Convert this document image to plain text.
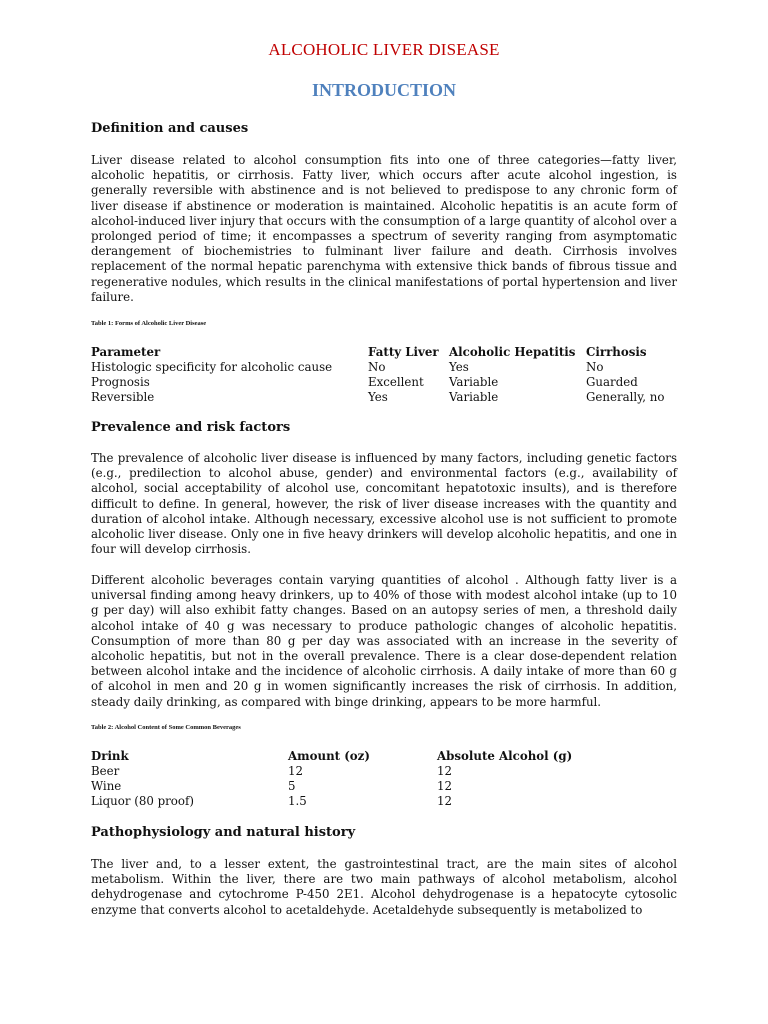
ALCOHOLIC LIVER DISEASE
INTRODUCTION
Definition and causes

Liver disease related to alcohol consumption fits into one of three categories—fatty liver, alcoholic hepatitis, or cirrhosis. Fatty liver, which occurs after acute alcohol ingestion, is generally reversible with abstinence and is not believed to predispose to any chronic form of liver disease if abstinence or moderation is maintained. Alcoholic hepatitis is an acute form of alcohol-induced liver injury that occurs with the consumption of a large quantity of alcohol over a prolonged period of time; it encompasses a spectrum of severity ranging from asymptomatic derangement of biochemistries to fulminant liver failure and death. Cirrhosis involves replacement of the normal hepatic parenchyma with extensive thick bands of fibrous tissue and regenerative nodules, which results in the clinical manifestations of portal hypertension and liver failure.

Table 1: Forms of Alcoholic Liver Disease
Parameter	Fatty Liver	Alcoholic Hepatitis	Cirrhosis
Histologic specificity for alcoholic cause	No	Yes	No
Prognosis	Excellent	Variable	Guarded
Reversible	Yes	Variable	Generally, no
Prevalence and risk factors

The prevalence of alcoholic liver disease is influenced by many factors, including genetic factors (e.g., predilection to alcohol abuse, gender) and environmental factors (e.g., availability of alcohol, social acceptability of alcohol use, concomitant hepatotoxic insults), and is therefore difficult to define. In general, however, the risk of liver disease increases with the quantity and duration of alcohol intake. Although necessary, excessive alcohol use is not sufficient to promote alcoholic liver disease. Only one in five heavy drinkers will develop alcoholic hepatitis, and one in four will develop cirrhosis.

Different alcoholic beverages contain varying quantities of alcohol . Although fatty liver is a universal finding among heavy drinkers, up to 40% of those with modest alcohol intake (up to 10 g per day) will also exhibit fatty changes. Based on an autopsy series of men, a threshold daily alcohol intake of 40 g was necessary to produce pathologic changes of alcoholic hepatitis. Consumption of more than 80 g per day was associated with an increase in the severity of alcoholic hepatitis, but not in the overall prevalence. There is a clear dose-dependent relation between alcohol intake and the incidence of alcoholic cirrhosis. A daily intake of more than 60 g of alcohol in men and 20 g in women significantly increases the risk of cirrhosis. In addition, steady daily drinking, as compared with binge drinking, appears to be more harmful.

Table 2: Alcohol Content of Some Common Beverages
Drink	Amount (oz)	Absolute Alcohol (g)
Beer	12	12
Wine	5	12
Liquor (80 proof)	1.5	12
Pathophysiology and natural history

The liver and, to a lesser extent, the gastrointestinal tract, are the main sites of alcohol metabolism. Within the liver, there are two main pathways of alcohol metabolism, alcohol dehydrogenase and cytochrome P-450 2E1. Alcohol dehydrogenase is a hepatocyte cytosolic enzyme that converts alcohol to acetaldehyde. Acetaldehyde subsequently is metabolized to
